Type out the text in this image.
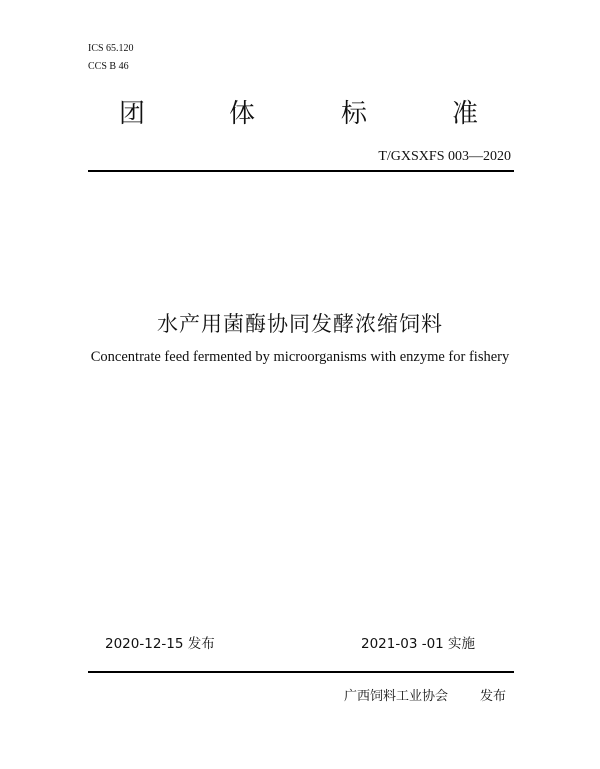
ICS 65.120
CCS B 46
团	体	标	准
T/GXSXFS 003—2020
水产用菌酶协同发酵浓缩饲料
Concentrate feed fermented by microorganisms with enzyme for fishery
2020-12-15 发布	2021-03 -01 实施
广西饲料工业协会 发布
